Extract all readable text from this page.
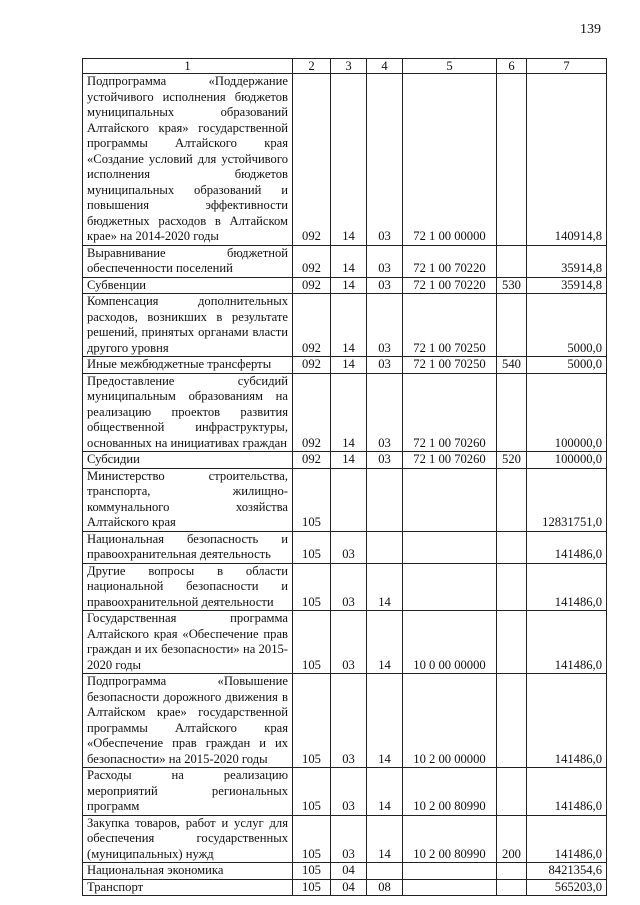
139
1	2	3	4	5	6	7
Подпрограмма «Поддержание устойчивого исполнения бюджетов муниципальных образований Алтайского края» государственной программы Алтайского края «Создание условий для устойчивого исполнения бюджетов муниципальных образований и повышения эффективности бюджетных расходов в Алтайском крае» на 2014-2020 годы	092	14	03	72 1 00 00000		140914,8
Выравнивание бюджетной обеспеченности поселений	092	14	03	72 1 00 70220		35914,8
Субвенции	092	14	03	72 1 00 70220	530	35914,8
Компенсация дополнительных расходов, возникших в результате решений, принятых органами власти другого уровня	092	14	03	72 1 00 70250		5000,0
Иные межбюджетные трансферты	092	14	03	72 1 00 70250	540	5000,0
Предоставление субсидий муниципальным образованиям на реализацию проектов развития общественной инфраструктуры, основанных на инициативах граждан	092	14	03	72 1 00 70260		100000,0
Субсидии	092	14	03	72 1 00 70260	520	100000,0
Министерство строительства, транспорта, жилищно-коммунального хозяйства Алтайского края	105					12831751,0
Национальная безопасность и правоохранительная деятельность	105	03				141486,0
Другие вопросы в области национальной безопасности и правоохранительной деятельности	105	03	14			141486,0
Государственная программа Алтайского края «Обеспечение прав граждан и их безопасности» на 2015-2020 годы	105	03	14	10 0 00 00000		141486,0
Подпрограмма «Повышение безопасности дорожного движения в Алтайском крае» государственной программы Алтайского края «Обеспечение прав граждан и их безопасности» на 2015-2020 годы	105	03	14	10 2 00 00000		141486,0
Расходы на реализацию мероприятий региональных программ	105	03	14	10 2 00 80990		141486,0
Закупка товаров, работ и услуг для обеспечения государственных (муниципальных) нужд	105	03	14	10 2 00 80990	200	141486,0
Национальная экономика	105	04				8421354,6
Транспорт	105	04	08			565203,0
